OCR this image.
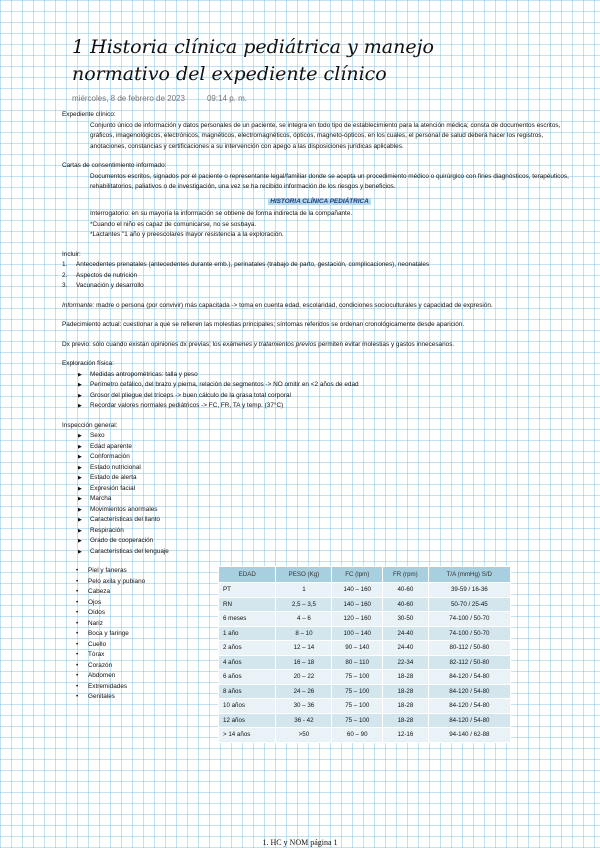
1 Historia clínica pediátrica y manejo normativo del expediente clínico
miércoles, 8 de febrero de 2023	09:14 p. m.

Expediente clínico:

Conjunto único de información y datos personales de un paciente, se integra en todo tipo de establecimiento para la atención médica; consta de documentos escritos, gráficos, imagenológicos, electrónicos, magnéticos, electromagnéticos, ópticos, magneto-ópticos, en los cuales, el personal de salud deberá hacer los registros, anotaciones, constancias y certificaciones a su intervención con apego a las disposiciones jurídicas aplicables.

Cartas de consentimiento informado:

Documentos escritos, signados por el paciente o representante legal/familiar donde se acepta un procedimiento médico o quirúrgico con fines diagnósticos, terapéuticos, rehabilitatorios, paliativos o de investigación, una vez se ha recibido información de los riesgos y beneficios.

HISTORIA CLÍNICA PEDIÁTRICA

Interrogatorio: en su mayoría la información se obtiene de forma indirecta de la compañante.

*Cuando el niño es capaz de comunicarse, no se sosbaya.

*Lactantes "1 año y preescolares mayor resistencia a la exploración.

Incluir:

1. Antecedentes prenatales (antecedentes durante emb.), perinatales (trabajo de parto, gestación, complicaciones), neonatales
2. Aspectos de nutrición
3. Vacunación y desarrollo

Informante: madre o persona (por convivir) más capacitada -> toma en cuenta edad, escolaridad, condiciones socioculturales y capacidad de expresión.

Padecimiento actual: cuestionar a qué se refieren las molestias principales; síntomas referidos se ordenan cronológicamente desde aparición.

Dx previo: sólo cuando existan opiniones dx previas; los exámenes y tratamientos previos permiten evitar molestias y gastos innecesarios.

Exploración física:

▶ Medidas antropométricas: talla y peso
▶ Perímetro cefálico, del brazo y pierna, relación de segmentos -> NO omitir en <2 años de edad
▶ Grosor del pliegue del tríceps -> buen cálculo de la grasa total corporal
▶ Recordar valores normales pediátricos -> FC, FR, TA y temp. (37°C)

Inspección general:

▶ Sexo
▶ Edad aparente
▶ Conformación
▶ Estado nutricional
▶ Estado de alerta
▶ Expresión facial
▶ Marcha
▶ Movimientos anormales
▶ Características del llanto
▶ Respiración
▶ Grado de cooperación
▶ Características del lenguaje
• Piel y faneras
• Pelo axila y pubiano
• Cabeza
• Ojos
• Oídos
• Nariz
• Boca y faringe
• Cuello
• Tórax
• Corazón
• Abdomen
• Extremidades
• Genitales
EDAD	PESO (Kg)	FC (lpm)	FR (rpm)	T/A (mmHg) S/D
PT	1	140 – 160	40-60	39-59 / 16-36
RN	2,5 – 3,5	140 – 160	40-60	50-70 / 25-45
6 meses	4 – 6	120 – 160	30-50	74-100 / 50-70
1 año	8 – 10	100 – 140	24-40	74-100 / 50-70
2 años	12 – 14	90 – 140	24-40	80-112 / 50-80
4 años	16 – 18	80 – 110	22-34	82-112 / 50-80
6 años	20 – 22	75 – 100	18-28	84-120 / 54-80
8 años	24 – 26	75 – 100	18-28	84-120 / 54-80
10 años	30 – 36	75 – 100	18-28	84-120 / 54-80
12 años	36 - 42	75 – 100	18-28	84-120 / 54-80
> 14 años	>50	60 – 90	12-16	94-140 / 62-88
1. HC y NOM página 1
